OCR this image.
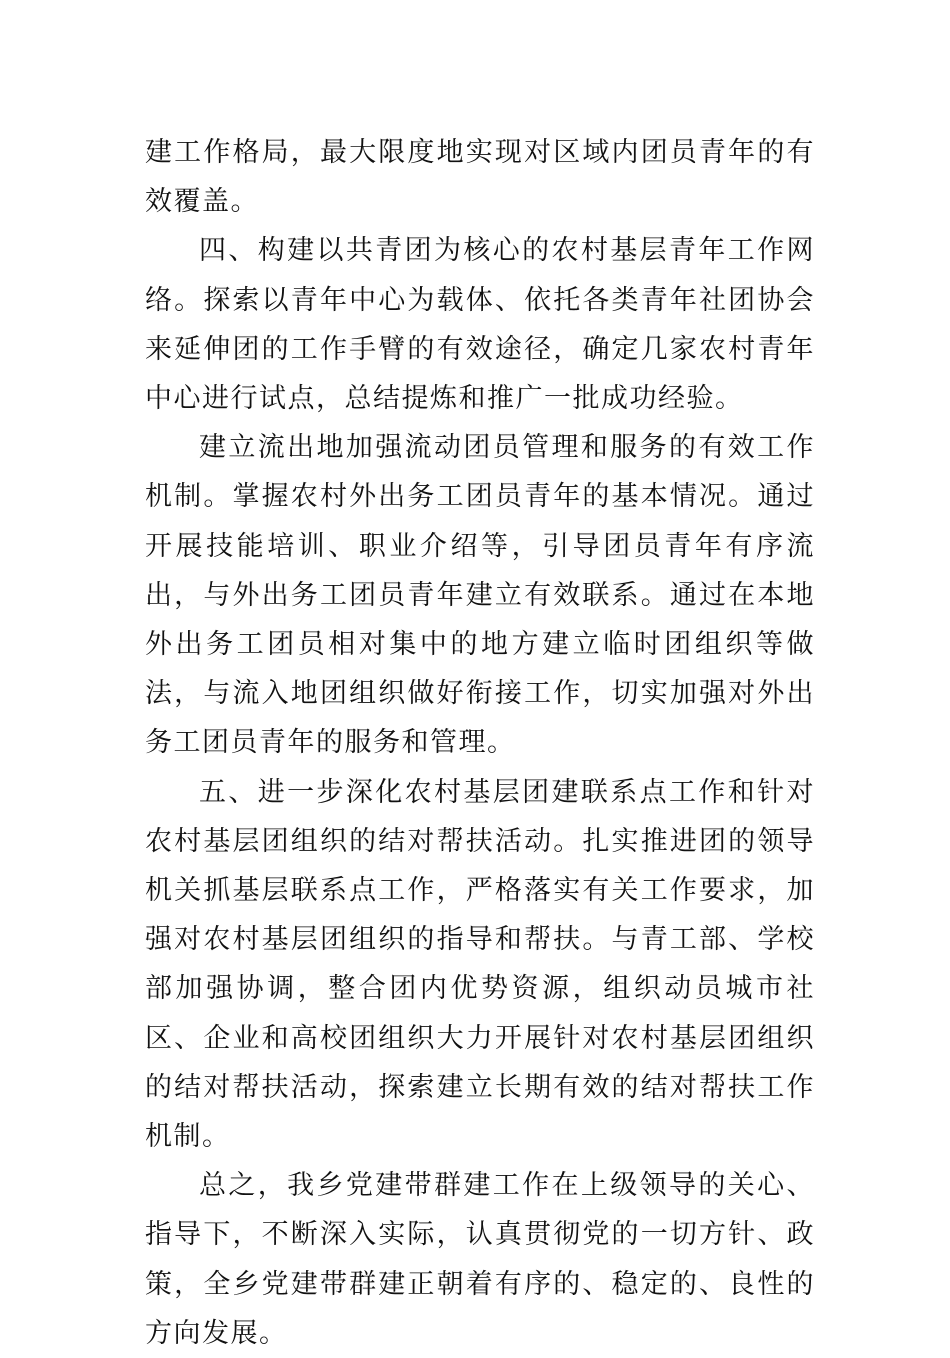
建工作格局，最大限度地实现对区域内团员青年的有效覆盖。

四、构建以共青团为核心的农村基层青年工作网络。探索以青年中心为载体、依托各类青年社团协会来延伸团的工作手臂的有效途径，确定几家农村青年中心进行试点，总结提炼和推广一批成功经验。

建立流出地加强流动团员管理和服务的有效工作机制。掌握农村外出务工团员青年的基本情况。通过开展技能培训、职业介绍等，引导团员青年有序流出，与外出务工团员青年建立有效联系。通过在本地外出务工团员相对集中的地方建立临时团组织等做法，与流入地团组织做好衔接工作，切实加强对外出务工团员青年的服务和管理。

五、进一步深化农村基层团建联系点工作和针对农村基层团组织的结对帮扶活动。扎实推进团的领导机关抓基层联系点工作，严格落实有关工作要求，加强对农村基层团组织的指导和帮扶。与青工部、学校部加强协调，整合团内优势资源，组织动员城市社区、企业和高校团组织大力开展针对农村基层团组织的结对帮扶活动，探索建立长期有效的结对帮扶工作机制。

总之，我乡党建带群建工作在上级领导的关心、指导下，不断深入实际，认真贯彻党的一切方针、政策，全乡党建带群建正朝着有序的、稳定的、良性的方向发展。
